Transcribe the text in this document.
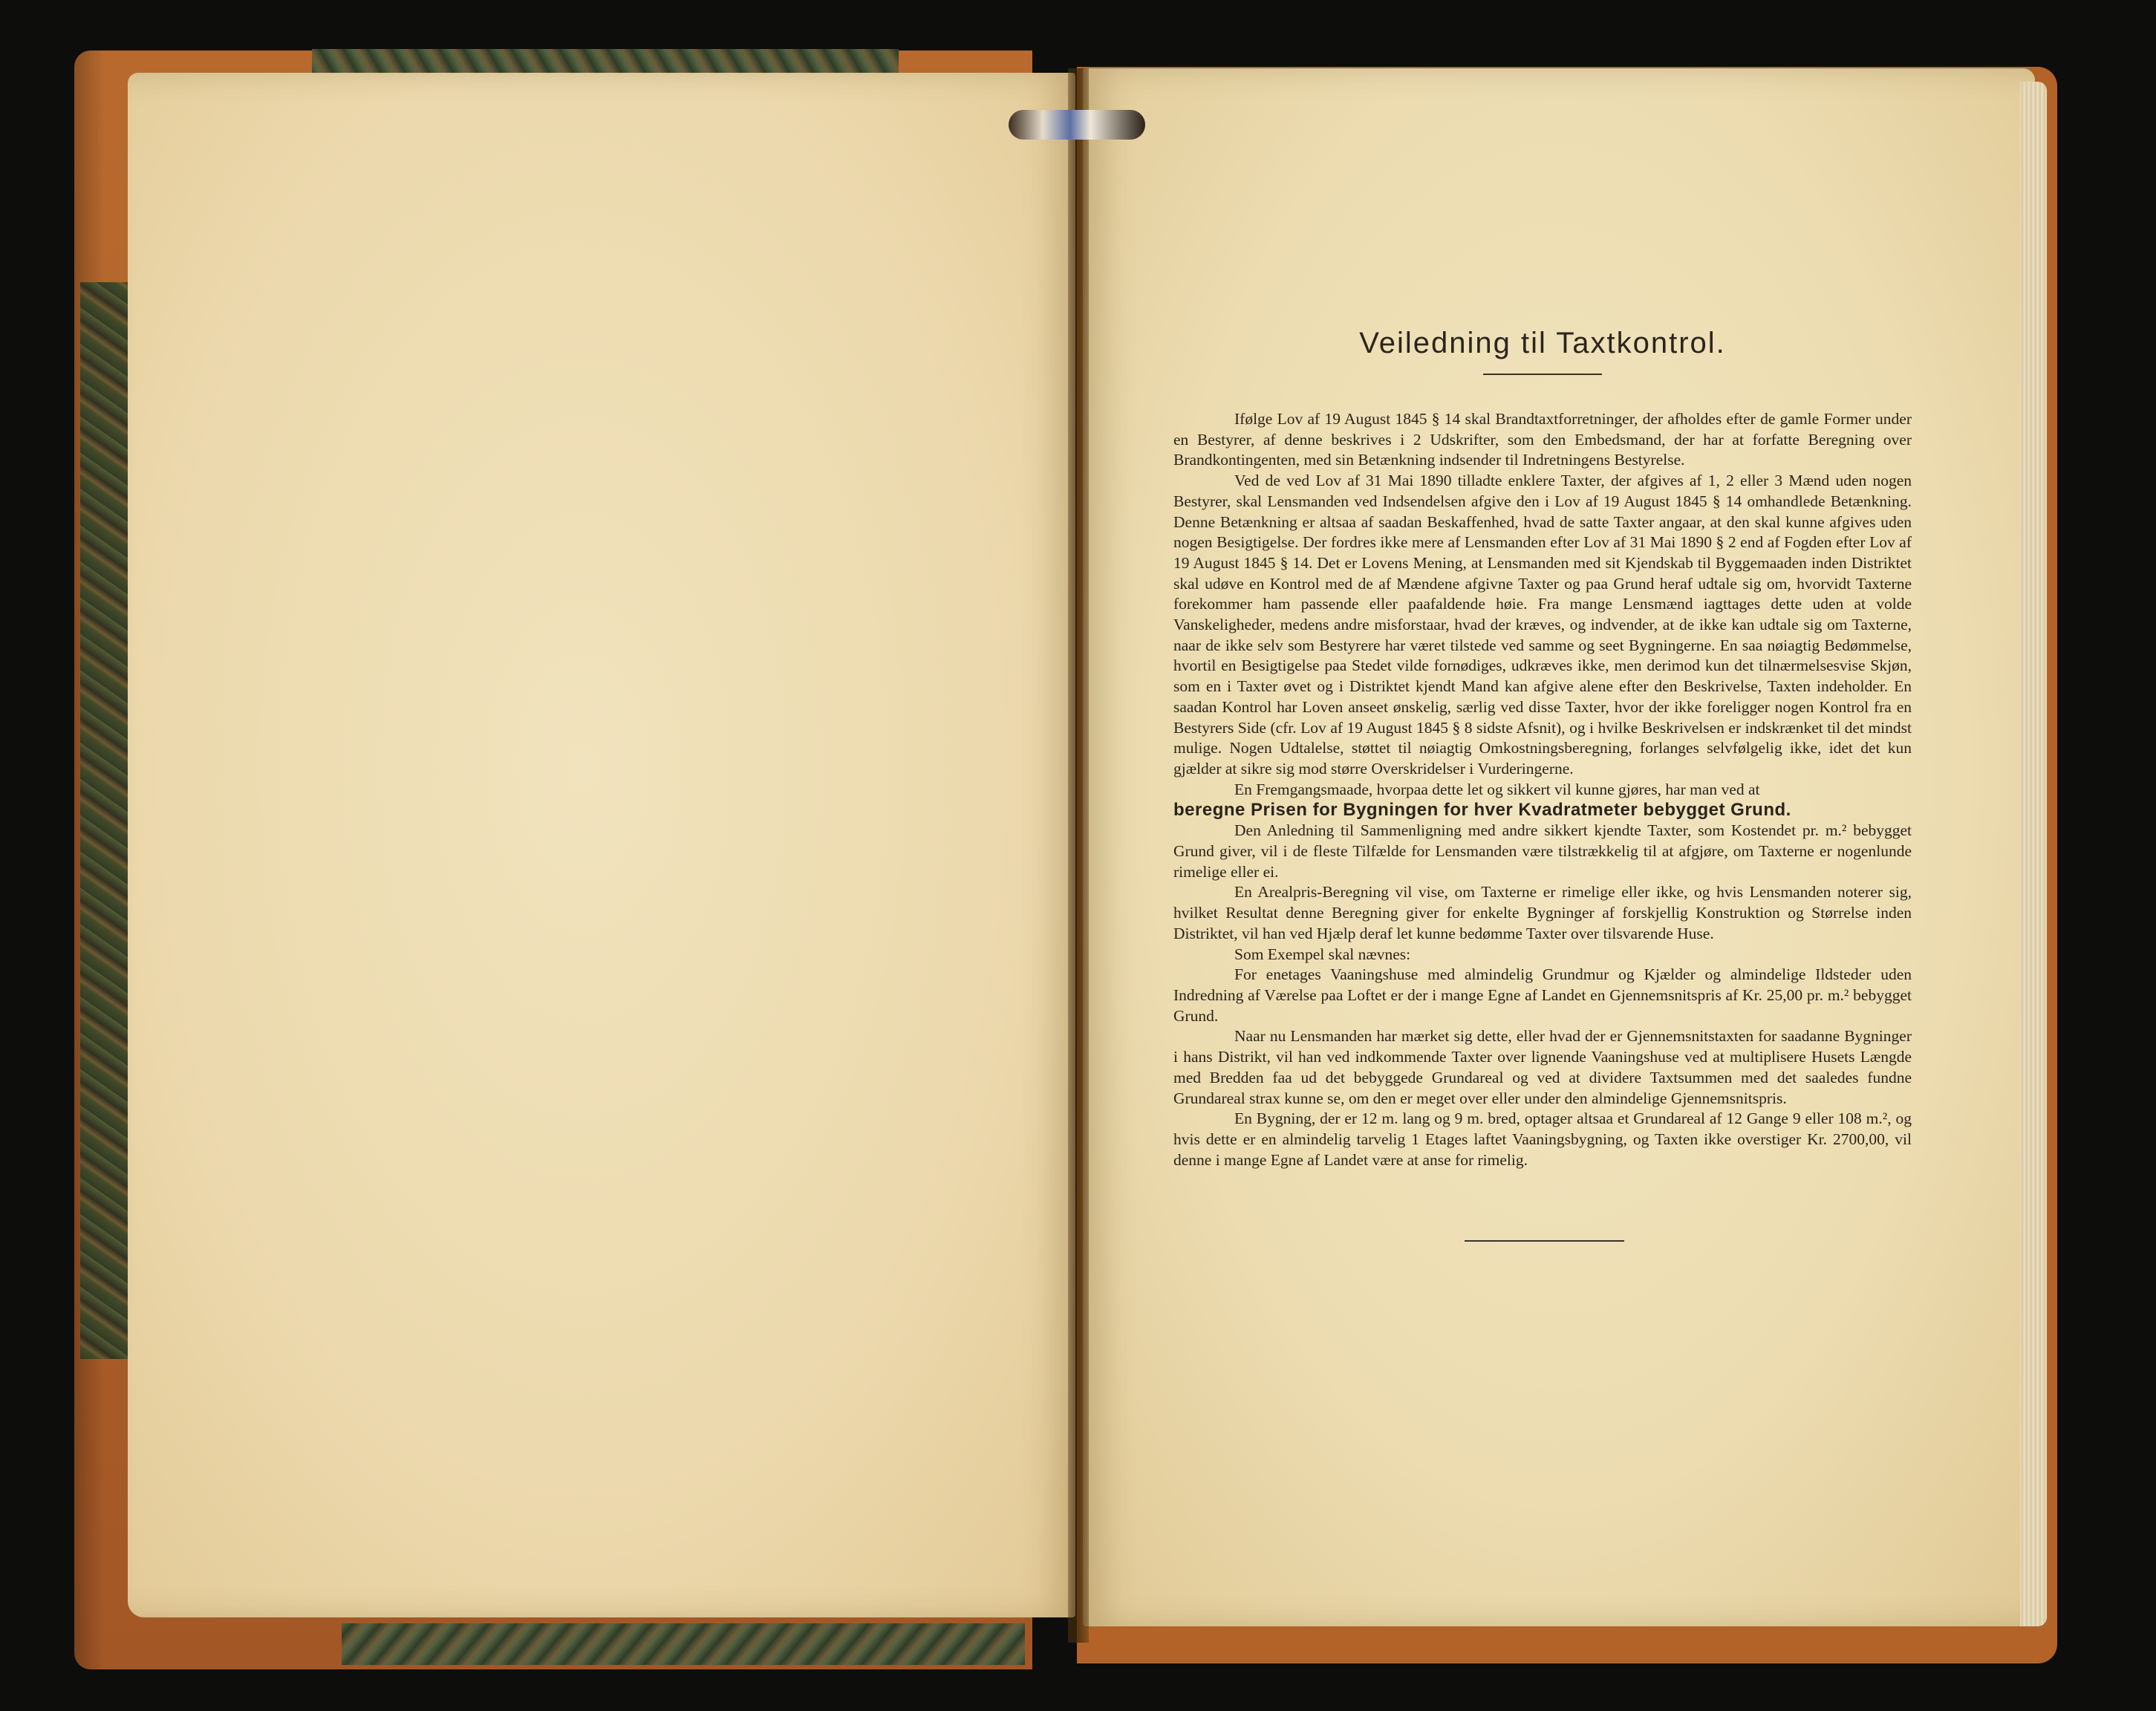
Veiledning til Taxtkontrol.

Ifølge Lov af 19 August 1845 § 14 skal Brandtaxtforretninger, der afholdes efter de gamle Former under en Bestyrer, af denne beskrives i 2 Udskrifter, som den Embedsmand, der har at forfatte Beregning over Brandkontingenten, med sin Betænkning indsender til Indretningens Bestyrelse.

Ved de ved Lov af 31 Mai 1890 tilladte enklere Taxter, der afgives af 1, 2 eller 3 Mænd uden nogen Bestyrer, skal Lensmanden ved Indsendelsen afgive den i Lov af 19 August 1845 § 14 omhandlede Betænkning. Denne Betænkning er altsaa af saadan Beskaffenhed, hvad de satte Taxter angaar, at den skal kunne afgives uden nogen Besigtigelse. Der fordres ikke mere af Lensmanden efter Lov af 31 Mai 1890 § 2 end af Fogden efter Lov af 19 August 1845 § 14. Det er Lovens Mening, at Lensmanden med sit Kjendskab til Byggemaaden inden Distriktet skal udøve en Kontrol med de af Mændene afgivne Taxter og paa Grund heraf udtale sig om, hvorvidt Taxterne forekommer ham passende eller paafaldende høie. Fra mange Lensmænd iagttages dette uden at volde Vanskeligheder, medens andre misforstaar, hvad der kræves, og indvender, at de ikke kan udtale sig om Taxterne, naar de ikke selv som Bestyrere har været tilstede ved samme og seet Bygningerne. En saa nøiagtig Bedømmelse, hvortil en Besigtigelse paa Stedet vilde fornødiges, udkræves ikke, men derimod kun det tilnærmelsesvise Skjøn, som en i Taxter øvet og i Distriktet kjendt Mand kan afgive alene efter den Beskrivelse, Taxten indeholder. En saadan Kontrol har Loven anseet ønskelig, særlig ved disse Taxter, hvor der ikke foreligger nogen Kontrol fra en Bestyrers Side (cfr. Lov af 19 August 1845 § 8 sidste Afsnit), og i hvilke Beskrivelsen er indskrænket til det mindst mulige. Nogen Udtalelse, støttet til nøiagtig Omkostningsberegning, forlanges selvfølgelig ikke, idet det kun gjælder at sikre sig mod større Overskridelser i Vurderingerne.

En Fremgangsmaade, hvorpaa dette let og sikkert vil kunne gjøres, har man ved at

beregne Prisen for Bygningen for hver Kvadratmeter bebygget Grund.

Den Anledning til Sammenligning med andre sikkert kjendte Taxter, som Kostendet pr. m.² bebygget Grund giver, vil i de fleste Tilfælde for Lensmanden være tilstrækkelig til at afgjøre, om Taxterne er nogenlunde rimelige eller ei.

En Arealpris-Beregning vil vise, om Taxterne er rimelige eller ikke, og hvis Lensmanden noterer sig, hvilket Resultat denne Beregning giver for enkelte Bygninger af forskjellig Konstruktion og Størrelse inden Distriktet, vil han ved Hjælp deraf let kunne bedømme Taxter over tilsvarende Huse.

Som Exempel skal nævnes:

For enetages Vaaningshuse med almindelig Grundmur og Kjælder og almindelige Ildsteder uden Indredning af Værelse paa Loftet er der i mange Egne af Landet en Gjennemsnitspris af Kr. 25,00 pr. m.² bebygget Grund.

Naar nu Lensmanden har mærket sig dette, eller hvad der er Gjennemsnitstaxten for saadanne Bygninger i hans Distrikt, vil han ved indkommende Taxter over lignende Vaaningshuse ved at multiplisere Husets Længde med Bredden faa ud det bebyggede Grundareal og ved at dividere Taxtsummen med det saaledes fundne Grundareal strax kunne se, om den er meget over eller under den almindelige Gjennemsnitspris.

En Bygning, der er 12 m. lang og 9 m. bred, optager altsaa et Grundareal af 12 Gange 9 eller 108 m.², og hvis dette er en almindelig tarvelig 1 Etages laftet Vaaningsbygning, og Taxten ikke overstiger Kr. 2700,00, vil denne i mange Egne af Landet være at anse for rimelig.
